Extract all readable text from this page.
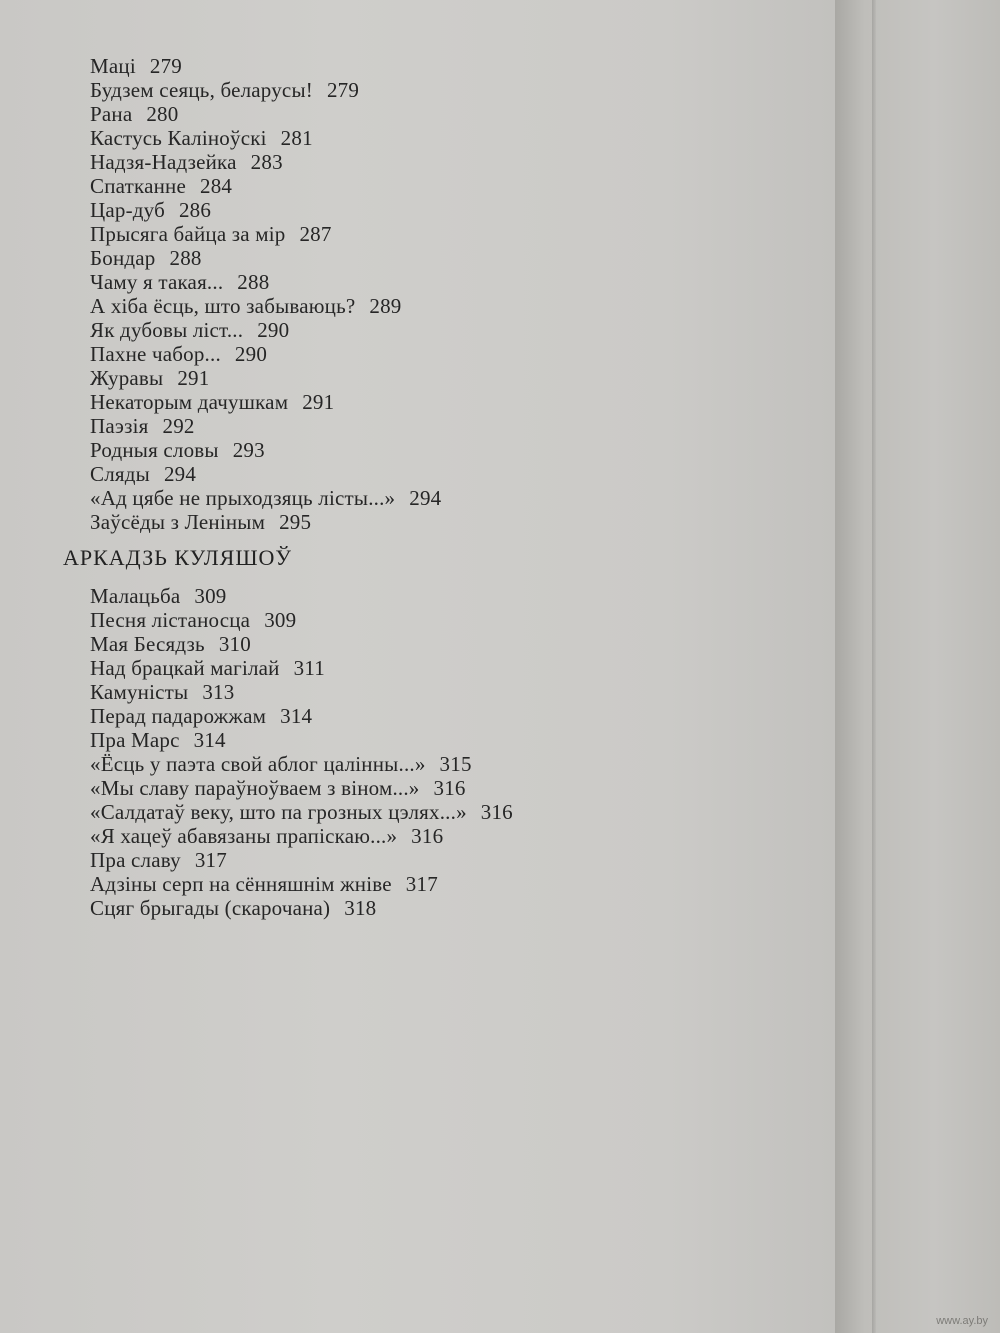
Маці 279
Будзем сеяць, беларусы! 279
Рана 280
Кастусь Каліноўскі 281
Надзя-Надзейка 283
Спатканне 284
Цар-дуб 286
Прысяга байца за мір 287
Бондар 288
Чаму я такая... 288
А хіба ёсць, што забываюць? 289
Як дубовы ліст... 290
Пахне чабор... 290
Журавы 291
Некаторым дачушкам 291
Паэзія 292
Родныя словы 293
Сляды 294
«Ад цябе не прыходзяць лісты...» 294
Заўсёды з Леніным 295
АРКАДЗЬ КУЛЯШОЎ
Малацьба 309
Песня лістаносца 309
Мая Бесядзь 310
Над брацкай магілай 311
Камуністы 313
Перад падарожжам 314
Пра Марс 314
«Ёсць у паэта свой аблог цалінны...» 315
«Мы славу параўноўваем з віном...» 316
«Салдатаў веку, што па грозных цэлях...» 316
«Я хацеў абавязаны прапіскаю...» 316
Пра славу 317
Адзіны серп на сённяшнім жніве 317
Сцяг брыгады (скарочана) 318
www.ay.by
